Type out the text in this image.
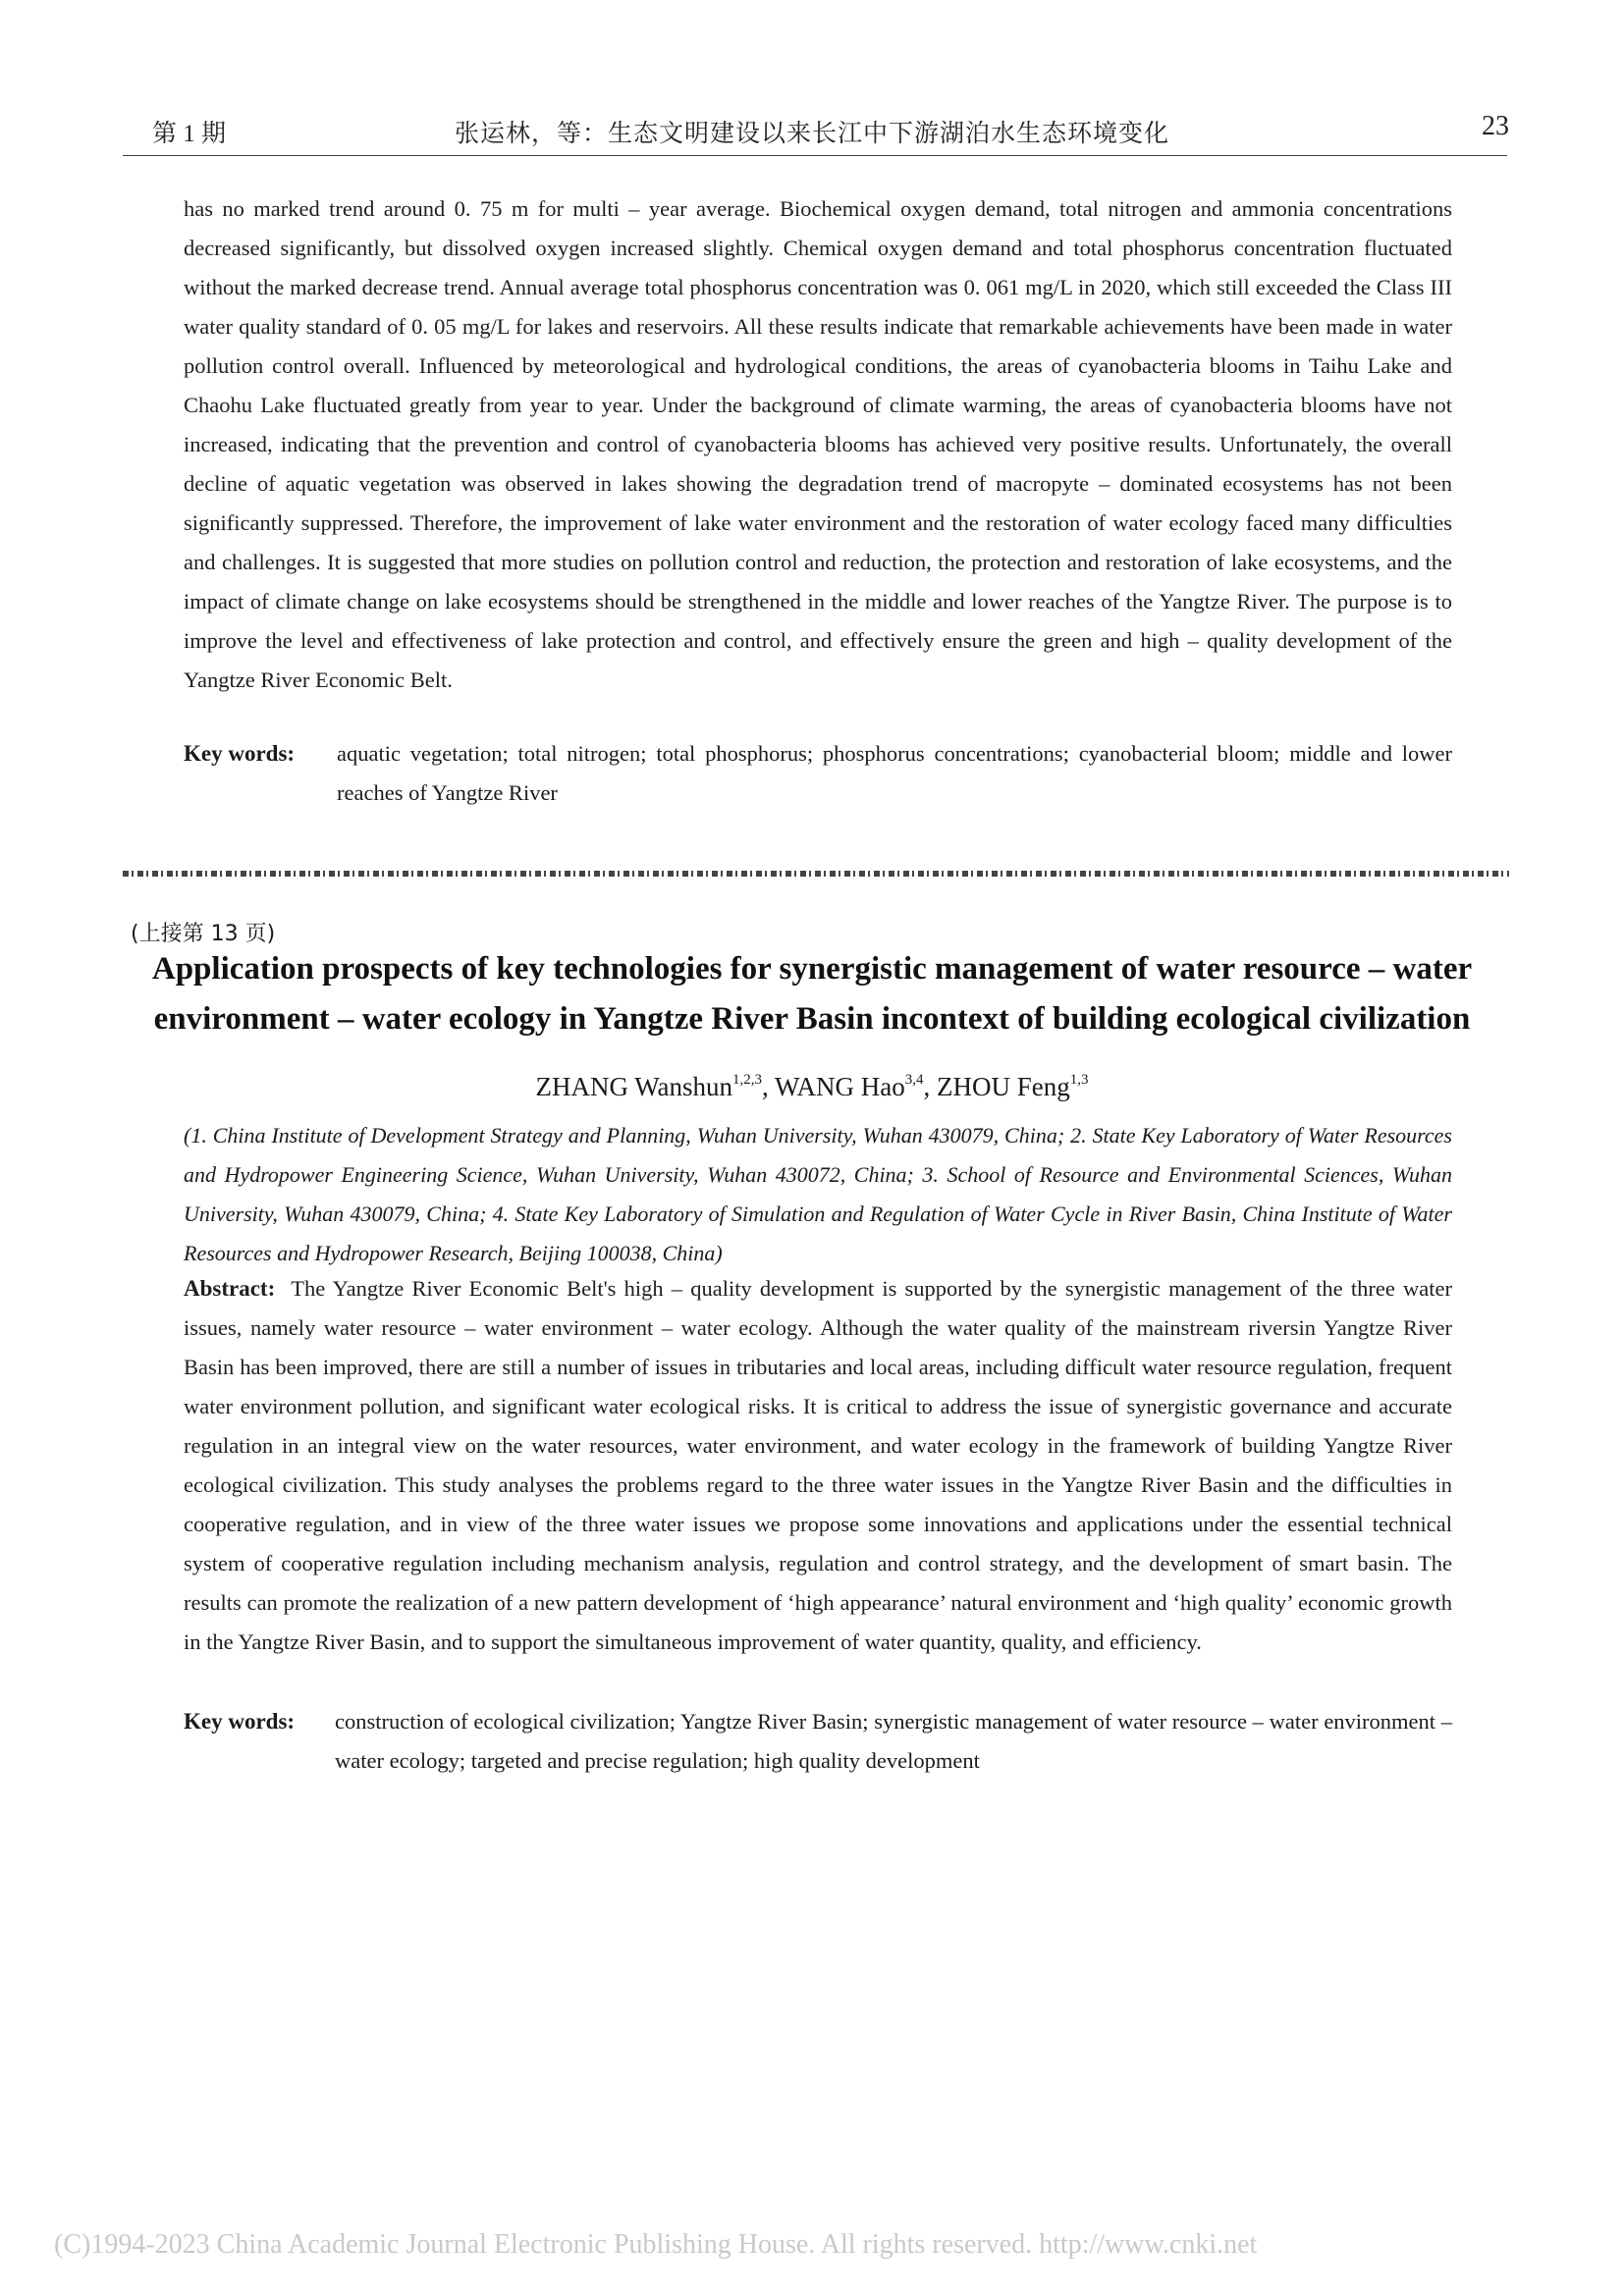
第 1 期	张运林，等：生态文明建设以来长江中下游湖泊水生态环境变化	23
has no marked trend around 0. 75 m for multi – year average. Biochemical oxygen demand, total nitrogen and ammonia concentrations decreased significantly, but dissolved oxygen increased slightly. Chemical oxygen demand and total phosphorus concentration fluctuated without the marked decrease trend. Annual average total phosphorus concentration was 0. 061 mg/L in 2020, which still exceeded the Class III water quality standard of 0. 05 mg/L for lakes and reservoirs. All these results indicate that remarkable achievements have been made in water pollution control overall. Influenced by meteorological and hydrological conditions, the areas of cyanobacteria blooms in Taihu Lake and Chaohu Lake fluctuated greatly from year to year. Under the background of climate warming, the areas of cyanobacteria blooms have not increased, indicating that the prevention and control of cyanobacteria blooms has achieved very positive results. Unfortunately, the overall decline of aquatic vegetation was observed in lakes showing the degradation trend of macropyte – dominated ecosystems has not been significantly suppressed. Therefore, the improvement of lake water environment and the restoration of water ecology faced many difficulties and challenges. It is suggested that more studies on pollution control and reduction, the protection and restoration of lake ecosystems, and the impact of climate change on lake ecosystems should be strengthened in the middle and lower reaches of the Yangtze River. The purpose is to improve the level and effectiveness of lake protection and control, and effectively ensure the green and high – quality development of the Yangtze River Economic Belt.
Key words: aquatic vegetation; total nitrogen; total phosphorus; phosphorus concentrations; cyanobacterial bloom; middle and lower reaches of Yangtze River
(上接第 13 页)
Application prospects of key technologies for synergistic management of water resource – water environment – water ecology in Yangtze River Basin incontext of building ecological civilization
ZHANG Wanshun$^{1,2,3}$, WANG Hao$^{3,4}$, ZHOU Feng$^{1,3}$
(1. China Institute of Development Strategy and Planning, Wuhan University, Wuhan 430079, China; 2. State Key Laboratory of Water Resources and Hydropower Engineering Science, Wuhan University, Wuhan 430072, China; 3. School of Resource and Environmental Sciences, Wuhan University, Wuhan 430079, China; 4. State Key Laboratory of Simulation and Regulation of Water Cycle in River Basin, China Institute of Water Resources and Hydropower Research, Beijing 100038, China)
Abstract: The Yangtze River Economic Belt's high – quality development is supported by the synergistic management of the three water issues, namely water resource – water environment – water ecology. Although the water quality of the mainstream riversin Yangtze River Basin has been improved, there are still a number of issues in tributaries and local areas, including difficult water resource regulation, frequent water environment pollution, and significant water ecological risks. It is critical to address the issue of synergistic governance and accurate regulation in an integral view on the water resources, water environment, and water ecology in the framework of building Yangtze River ecological civilization. This study analyses the problems regard to the three water issues in the Yangtze River Basin and the difficulties in cooperative regulation, and in view of the three water issues we propose some innovations and applications under the essential technical system of cooperative regulation including mechanism analysis, regulation and control strategy, and the development of smart basin. The results can promote the realization of a new pattern development of ‘high appearance’ natural environment and ‘high quality’ economic growth in the Yangtze River Basin, and to support the simultaneous improvement of water quantity, quality, and efficiency.
Key words: construction of ecological civilization; Yangtze River Basin; synergistic management of water resource – water environment – water ecology; targeted and precise regulation; high quality development
(C)1994-2023 China Academic Journal Electronic Publishing House. All rights reserved. http://www.cnki.net
